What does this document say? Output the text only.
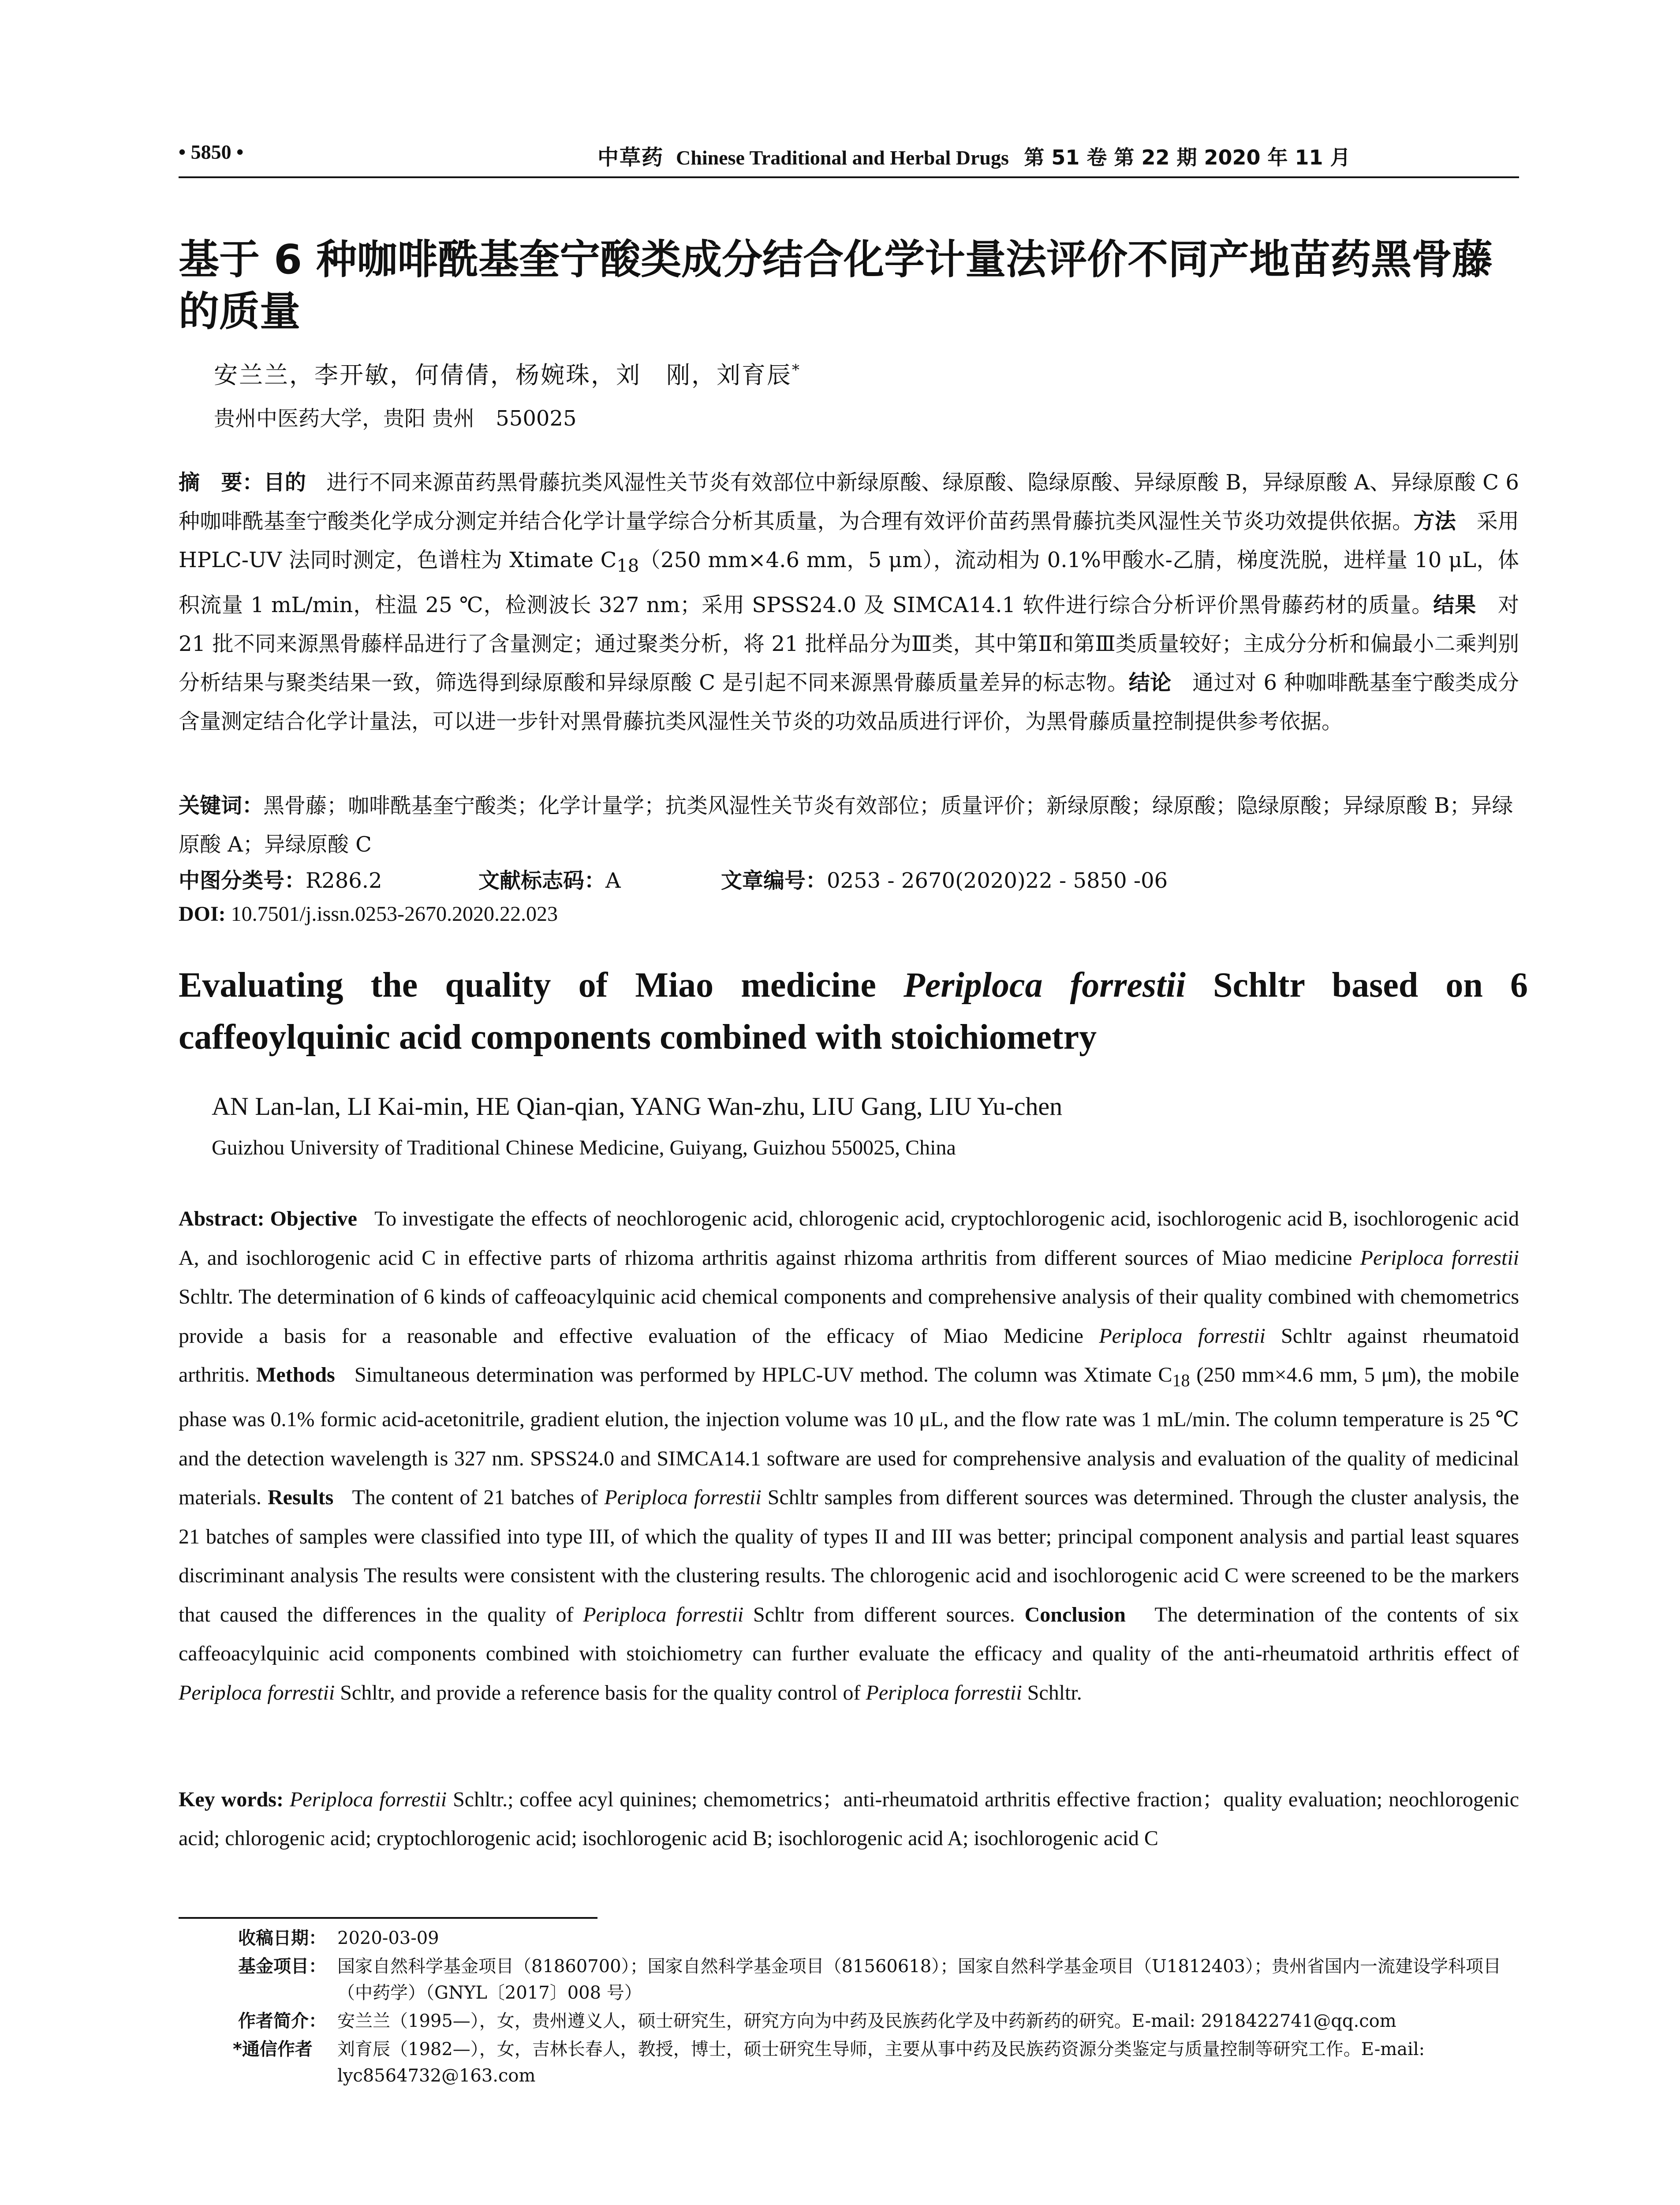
• 5850 •	中草药 Chinese Traditional and Herbal Drugs 第 51 卷 第 22 期 2020 年 11 月
基于 6 种咖啡酰基奎宁酸类成分结合化学计量法评价不同产地苗药黑骨藤
的质量
安兰兰，李开敏，何倩倩，杨婉珠，刘　刚，刘育辰*
贵州中医药大学，贵阳 贵州　550025

摘　要：目的 进行不同来源苗药黑骨藤抗类风湿性关节炎有效部位中新绿原酸、绿原酸、隐绿原酸、异绿原酸 B，异绿原酸 A、异绿原酸 C 6 种咖啡酰基奎宁酸类化学成分测定并结合化学计量学综合分析其质量，为合理有效评价苗药黑骨藤抗类风湿性关节炎功效提供依据。方法 采用 HPLC-UV 法同时测定，色谱柱为 Xtimate $C_{18}(250$ mm×4.6 mm，5 μm），流动相为 0.1%甲酸水-乙腈，梯度洗脱，进样量 10 μL，体积流量 1 mL/min，柱温 25 ℃，检测波长 327 nm；采用 SPSS24.0 及 SIMCA14.1 软件进行综合分析评价黑骨藤药材的质量。结果 对 21 批不同来源黑骨藤样品进行了含量测定；通过聚类分析，将 21 批样品分为Ⅲ类，其中第Ⅱ和第Ⅲ类质量较好；主成分分析和偏最小二乘判别分析结果与聚类结果一致，筛选得到绿原酸和异绿原酸 C 是引起不同来源黑骨藤质量差异的标志物。结论 通过对 6 种咖啡酰基奎宁酸类成分含量测定结合化学计量法，可以进一步针对黑骨藤抗类风湿性关节炎的功效品质进行评价，为黑骨藤质量控制提供参考依据。

关键词：黑骨藤；咖啡酰基奎宁酸类；化学计量学；抗类风湿性关节炎有效部位；质量评价；新绿原酸；绿原酸；隐绿原酸；异绿原酸 B；异绿原酸 A；异绿原酸 C

中图分类号：R286.2	文献标志码：A	文章编号：0253 - 2670(2020)22 - 5850 -06
DOI: 10.7501/j.issn.0253-2670.2020.22.023
Evaluating the quality of Miao medicine Periploca forrestii Schltr based on 6 caffeoylquinic acid components combined with stoichiometry
AN Lan-lan, LI Kai-min, HE Qian-qian, YANG Wan-zhu, LIU Gang, LIU Yu-chen
Guizhou University of Traditional Chinese Medicine, Guiyang, Guizhou 550025, China

Abstract: Objective To investigate the effects of neochlorogenic acid, chlorogenic acid, cryptochlorogenic acid, isochlorogenic acid B, isochlorogenic acid A, and isochlorogenic acid C in effective parts of rhizoma arthritis against rhizoma arthritis from different sources of Miao medicine Periploca forrestii Schltr. The determination of 6 kinds of caffeoacylquinic acid chemical components and comprehensive analysis of their quality combined with chemometrics provide a basis for a reasonable and effective evaluation of the efficacy of Miao Medicine Periploca forrestii Schltr against rheumatoid arthritis. Methods Simultaneous determination was performed by HPLC-UV method. The column was Xtimate $C_{18}$ (250 mm×4.6 mm, 5 μm), the mobile phase was 0.1% formic acid-acetonitrile, gradient elution, the injection volume was 10 μL, and the flow rate was 1 mL/min. The column temperature is 25 ℃ and the detection wavelength is 327 nm. SPSS24.0 and SIMCA14.1 software are used for comprehensive analysis and evaluation of the quality of medicinal materials. Results The content of 21 batches of Periploca forrestii Schltr samples from different sources was determined. Through the cluster analysis, the 21 batches of samples were classified into type III, of which the quality of types II and III was better; principal component analysis and partial least squares discriminant analysis The results were consistent with the clustering results. The chlorogenic acid and isochlorogenic acid C were screened to be the markers that caused the differences in the quality of Periploca forrestii Schltr from different sources. Conclusion The determination of the contents of six caffeoacylquinic acid components combined with stoichiometry can further evaluate the efficacy and quality of the anti-rheumatoid arthritis effect of Periploca forrestii Schltr, and provide a reference basis for the quality control of Periploca forrestii Schltr.

Key words: Periploca forrestii Schltr.; coffee acyl quinines; chemometrics；anti-rheumatoid arthritis effective fraction；quality evaluation; neochlorogenic acid; chlorogenic acid; cryptochlorogenic acid; isochlorogenic acid B; isochlorogenic acid A; isochlorogenic acid C

收稿日期： 2020-03-09

基金项目： 国家自然科学基金项目（81860700）；国家自然科学基金项目（81560618）；国家自然科学基金项目（U1812403）；贵州省国内一流建设学科项目（中药学）（GNYL〔2017〕008 号）

作者简介： 安兰兰（1995—），女，贵州遵义人，硕士研究生，研究方向为中药及民族药化学及中药新药的研究。E-mail: 2918422741@qq.com

*通信作者 刘育辰（1982—），女，吉林长春人，教授，博士，硕士研究生导师，主要从事中药及民族药资源分类鉴定与质量控制等研究工作。E-mail: lyc8564732@163.com
